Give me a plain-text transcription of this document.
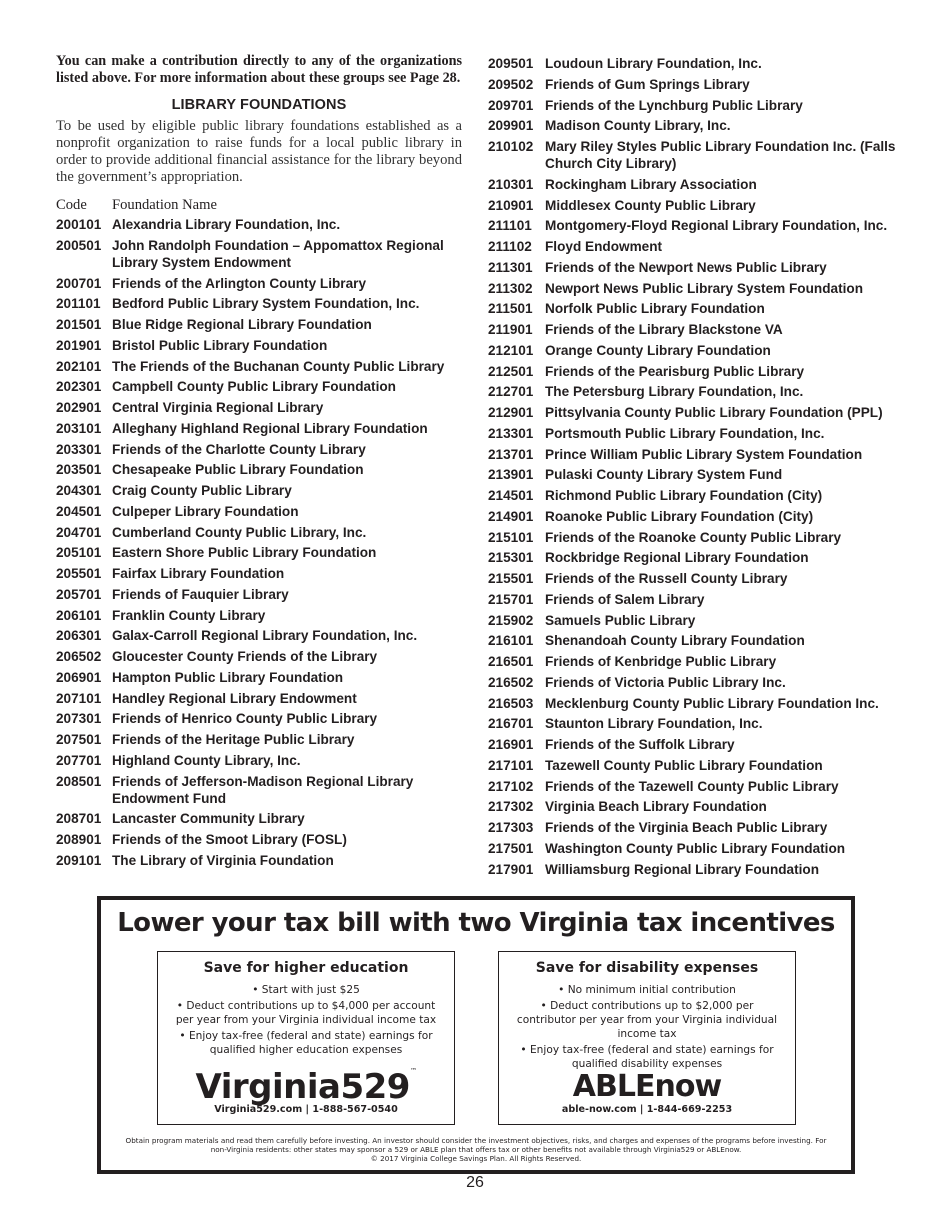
You can make a contribution directly to any of the organizations listed above. For more information about these groups see Page 28.

LIBRARY FOUNDATIONS

To be used by eligible public library foundations established as a nonprofit organization to raise funds for a local public library in order to provide additional financial assistance for the library beyond the government’s appropriation.

Code	Foundation Name
200101 Alexandria Library Foundation, Inc.
200501 John Randolph Foundation – Appomattox Regional Library System Endowment
200701 Friends of the Arlington County Library
201101 Bedford Public Library System Foundation, Inc.
201501 Blue Ridge Regional Library Foundation
201901 Bristol Public Library Foundation
202101 The Friends of the Buchanan County Public Library
202301 Campbell County Public Library Foundation
202901 Central Virginia Regional Library
203101 Alleghany Highland Regional Library Foundation
203301 Friends of the Charlotte County Library
203501 Chesapeake Public Library Foundation
204301 Craig County Public Library
204501 Culpeper Library Foundation
204701 Cumberland County Public Library, Inc.
205101 Eastern Shore Public Library Foundation
205501 Fairfax Library Foundation
205701 Friends of Fauquier Library
206101 Franklin County Library
206301 Galax-Carroll Regional Library Foundation, Inc.
206502 Gloucester County Friends of the Library
206901 Hampton Public Library Foundation
207101 Handley Regional Library Endowment
207301 Friends of Henrico County Public Library
207501 Friends of the Heritage Public Library
207701 Highland County Library, Inc.
208501 Friends of Jefferson-Madison Regional Library Endowment Fund
208701 Lancaster Community Library
208901 Friends of the Smoot Library (FOSL)
209101 The Library of Virginia Foundation
209501 Loudoun Library Foundation, Inc.
209502 Friends of Gum Springs Library
209701 Friends of the Lynchburg Public Library
209901 Madison County Library, Inc.
210102 Mary Riley Styles Public Library Foundation Inc. (Falls Church City Library)
210301 Rockingham Library Association
210901 Middlesex County Public Library
211101 Montgomery-Floyd Regional Library Foundation, Inc.
211102 Floyd Endowment
211301 Friends of the Newport News Public Library
211302 Newport News Public Library System Foundation
211501 Norfolk Public Library Foundation
211901 Friends of the Library Blackstone VA
212101 Orange County Library Foundation
212501 Friends of the Pearisburg Public Library
212701 The Petersburg Library Foundation, Inc.
212901 Pittsylvania County Public Library Foundation (PPL)
213301 Portsmouth Public Library Foundation, Inc.
213701 Prince William Public Library System Foundation
213901 Pulaski County Library System Fund
214501 Richmond Public Library Foundation (City)
214901 Roanoke Public Library Foundation (City)
215101 Friends of the Roanoke County Public Library
215301 Rockbridge Regional Library Foundation
215501 Friends of the Russell County Library
215701 Friends of Salem Library
215902 Samuels Public Library
216101 Shenandoah County Library Foundation
216501 Friends of Kenbridge Public Library
216502 Friends of Victoria Public Library Inc.
216503 Mecklenburg County Public Library Foundation Inc.
216701 Staunton Library Foundation, Inc.
216901 Friends of the Suffolk Library
217101 Tazewell County Public Library Foundation
217102 Friends of the Tazewell County Public Library
217302 Virginia Beach Library Foundation
217303 Friends of the Virginia Beach Public Library
217501 Washington County Public Library Foundation
217901 Williamsburg Regional Library Foundation
Lower your tax bill with two Virginia tax incentives
Save for higher education
• Start with just $25
• Deduct contributions up to $4,000 per account per year from your Virginia individual income tax
• Enjoy tax-free (federal and state) earnings for qualified higher education expenses
Virginia529™
Virginia529.com | 1-888-567-0540
Save for disability expenses
• No minimum initial contribution
• Deduct contributions up to $2,000 per contributor per year from your Virginia individual income tax
• Enjoy tax-free (federal and state) earnings for qualified disability expenses
ABLEnow
able-now.com | 1-844-669-2253
Obtain program materials and read them carefully before investing. An investor should consider the investment objectives, risks, and charges and expenses of the programs before investing. For non-Virginia residents: other states may sponsor a 529 or ABLE plan that offers tax or other benefits not available through Virginia529 or ABLEnow.
© 2017 Virginia College Savings Plan. All Rights Reserved.
26
